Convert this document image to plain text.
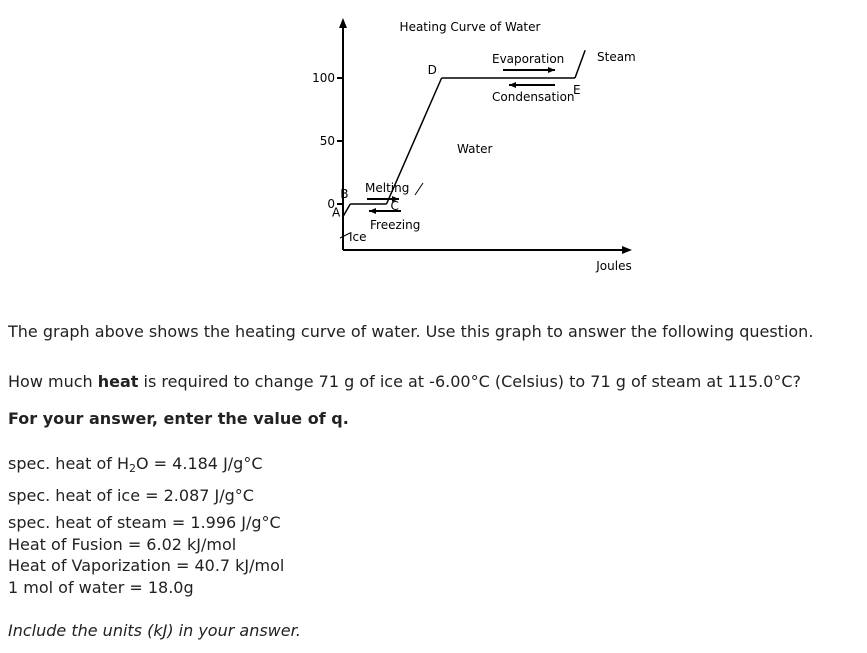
0
50
100
A
B
C
D
E
Heating Curve of Water
Joules
Ice
Melting
Freezing
Water
Evaporation
Condensation
Steam
The graph above shows the heating curve of water. Use this graph to answer the following question.
How much heat is required to change 71 g of ice at -6.00°C (Celsius) to 71 g of steam at 115.0°C?
For your answer, enter the value of q.
spec. heat of $H_2O = 4.184$ J/g°C
spec. heat of ice = 2.087 J/g°C
spec. heat of steam = 1.996 J/g°C
Heat of Fusion = 6.02 kJ/mol
Heat of Vaporization = 40.7 kJ/mol
1 mol of water = 18.0g
Include the units (kJ) in your answer.
